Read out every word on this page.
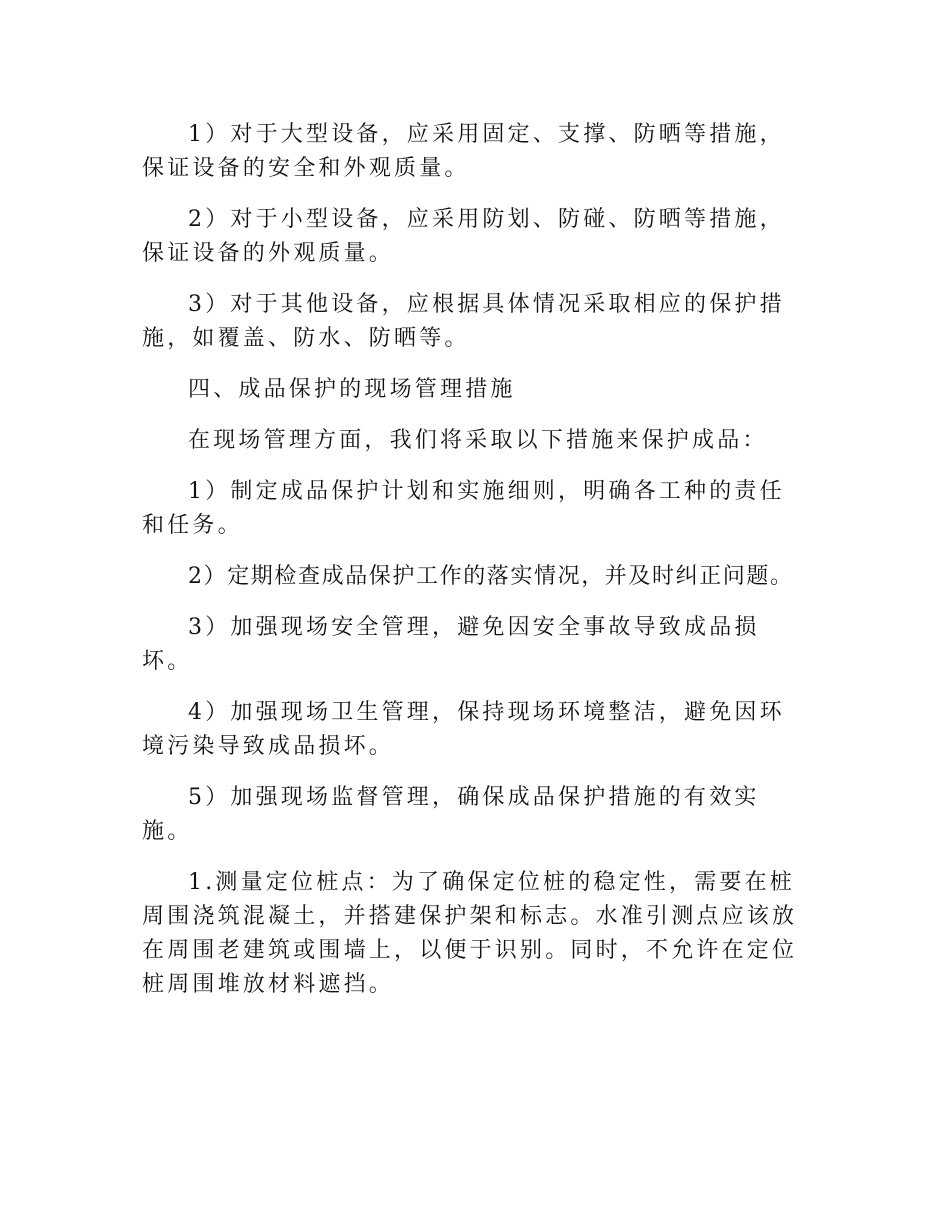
1）对于大型设备，应采用固定、支撑、防晒等措施，保证设备的安全和外观质量。

2）对于小型设备，应采用防划、防碰、防晒等措施，保证设备的外观质量。

3）对于其他设备，应根据具体情况采取相应的保护措施，如覆盖、防水、防晒等。

四、成品保护的现场管理措施

在现场管理方面，我们将采取以下措施来保护成品：

1）制定成品保护计划和实施细则，明确各工种的责任和任务。

2）定期检查成品保护工作的落实情况，并及时纠正问题。

3）加强现场安全管理，避免因安全事故导致成品损坏。

4）加强现场卫生管理，保持现场环境整洁，避免因环境污染导致成品损坏。

5）加强现场监督管理，确保成品保护措施的有效实施。

1.测量定位桩点：为了确保定位桩的稳定性，需要在桩周围浇筑混凝土，并搭建保护架和标志。水准引测点应该放在周围老建筑或围墙上，以便于识别。同时，不允许在定位桩周围堆放材料遮挡。
